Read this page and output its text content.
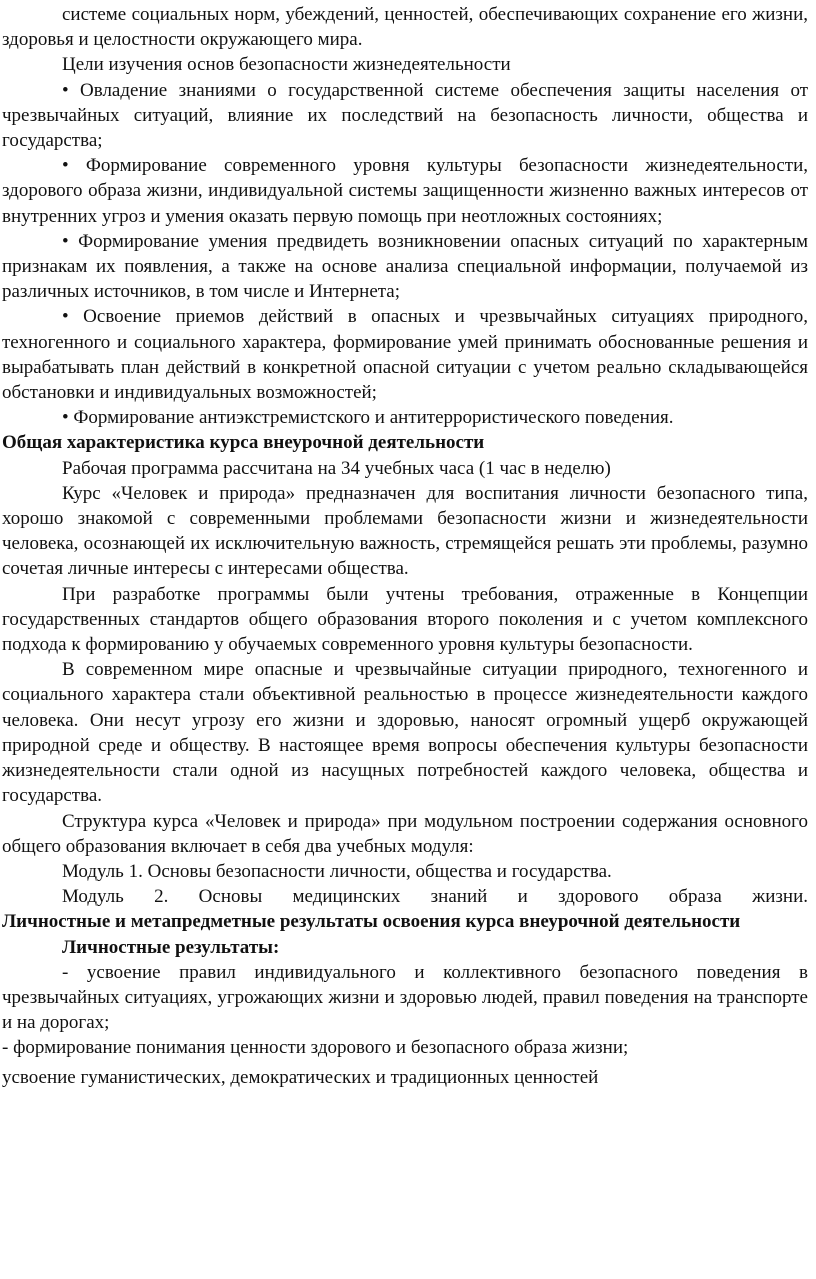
системе социальных норм, убеждений, ценностей, обеспечивающих сохранение его жизни, здоровья и целостности окружающего мира.

Цели изучения основ безопасности жизнедеятельности

• Овладение знаниями о государственной системе обеспечения защиты населения от чрезвычайных ситуаций, влияние их последствий на безопасность личности, общества и государства;

• Формирование современного уровня культуры безопасности жизнедеятельности, здорового образа жизни, индивидуальной системы защищенности жизненно важных интересов от внутренних угроз и умения оказать первую помощь при неотложных состояниях;

• Формирование умения предвидеть возникновении опасных ситуаций по характерным признакам их появления, а также на основе анализа специальной информации, получаемой из различных источников, в том числе и Интернета;

• Освоение приемов действий в опасных и чрезвычайных ситуациях природного, техногенного и социального характера, формирование умей принимать обоснованные решения и вырабатывать план действий в конкретной опасной ситуации с учетом реально складывающейся обстановки и индивидуальных возможностей;

• Формирование антиэкстремистского и антитеррористического поведения.

Общая характеристика курса внеурочной деятельности

Рабочая программа рассчитана на 34 учебных часа (1 час в неделю)

Курс «Человек и природа» предназначен для воспитания личности безопасного типа, хорошо знакомой с современными проблемами безопасности жизни и жизнедеятельности человека, осознающей их исключительную важность, стремящейся решать эти проблемы, разумно сочетая личные интересы с интересами общества.

При разработке программы были учтены требования, отраженные в Концепции государственных стандартов общего образования второго поколения и с учетом комплексного подхода к формированию у обучаемых современного уровня культуры безопасности.

В современном мире опасные и чрезвычайные ситуации природного, техногенного и социального характера стали объективной реальностью в процессе жизнедеятельности каждого человека. Они несут угрозу его жизни и здоровью, наносят огромный ущерб окружающей природной среде и обществу. В настоящее время вопросы обеспечения культуры безопасности жизнедеятельности стали одной из насущных потребностей каждого человека, общества и государства.

Структура курса «Человек и природа» при модульном построении содержания основного общего образования включает в себя два учебных модуля:

Модуль 1. Основы безопасности личности, общества и государства.

Модуль 2. Основы медицинских знаний и здорового образа жизни.

Личностные и метапредметные результаты освоения курса внеурочной деятельности

Личностные результаты:

- усвоение правил индивидуального и коллективного безопасного поведения в чрезвычайных ситуациях, угрожающих жизни и здоровью людей, правил поведения на транспорте и на дорогах;

- формирование понимания ценности здорового и безопасного образа жизни;

усвоение гуманистических, демократических и традиционных ценностей
